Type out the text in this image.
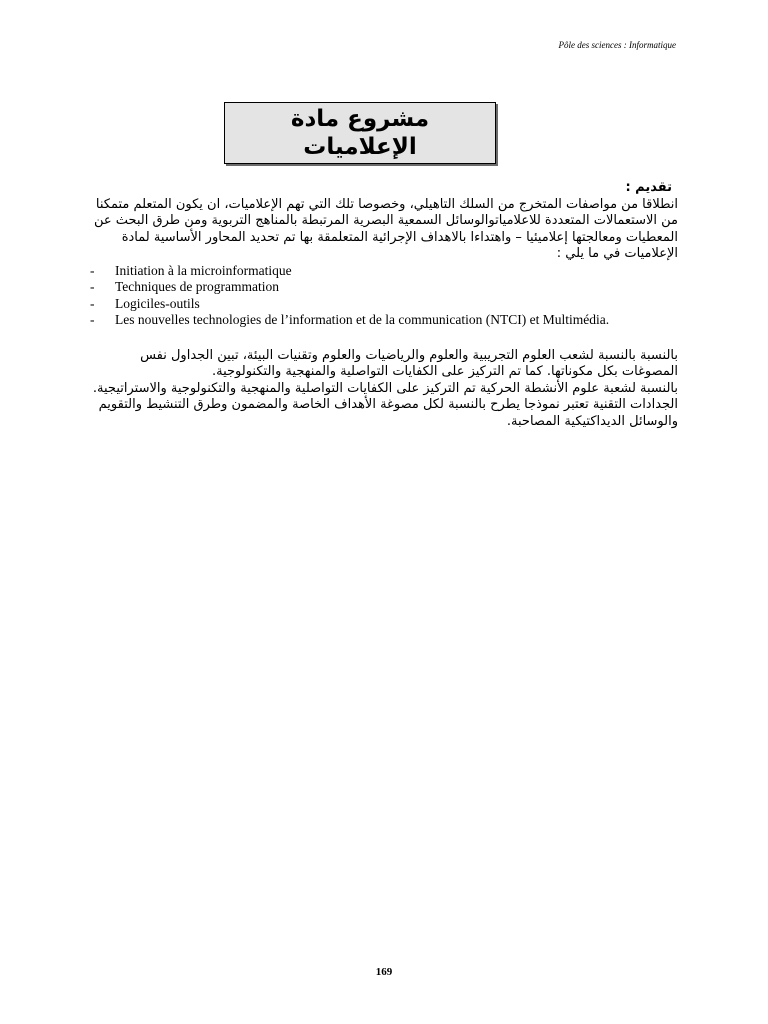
Pôle des sciences : Informatique
مشروع مادة الإعلاميات

تقديم :

انطلاقا من مواصفات المتخرج من السلك التاهيلي، وخصوصا تلك التي تهم الإعلاميات، ان يكون المتعلم متمكنا من الاستعمالات المتعددة للاعلامياتوالوسائل السمعية البصرية المرتبطة بالمناهج التربوية ومن طرق البحث عن المعطيات ومعالجتها إعلاميئيا – واهتداءا بالاهداف الإجرائية المتعلمقة بها تم تحديد المحاور الأساسية لمادة الإعلاميات في ما يلي :

- Initiation à la microinformatique
- Techniques de programmation
- Logiciles-outils
- Les nouvelles technologies de l’information et de la communication (NTCI) et Multimédia.

بالنسبة بالنسبة لشعب العلوم التجريبية والعلوم والرياضيات والعلوم وتقنيات البيئة، تبين الجداول نفس المصوغات بكل مكوناتها. كما تم التركيز على الكفايات التواصلية والمنهجية والتكنولوجية.

بالنسبة لشعبة علوم الأنشطة الحركية تم التركيز على الكفايات التواصلية والمنهجية والتكنولوجية والاستراتيجية.

الجدادات التقنية تعتبر نموذجا يطرح بالنسبة لكل مصوغة الأهداف الخاصة والمضمون وطرق التنشيط والتقويم والوسائل الديداكتيكية المصاحبة.

169
